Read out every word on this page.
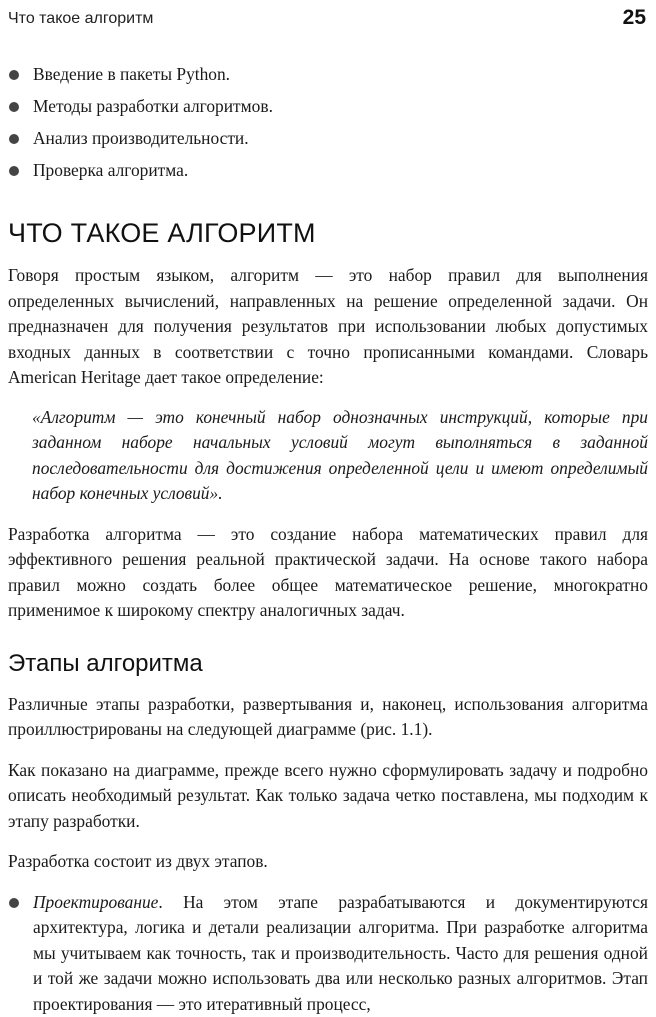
Что такое алгоритм	25
Введение в пакеты Python.
Методы разработки алгоритмов.
Анализ производительности.
Проверка алгоритма.
ЧТО ТАКОЕ АЛГОРИТМ

Говоря простым языком, алгоритм — это набор правил для выполнения определенных вычислений, направленных на решение определенной задачи. Он предназначен для получения результатов при использовании любых допустимых входных данных в соответствии с точно прописанными командами. Словарь American Heritage дает такое определение:

«Алгоритм — это конечный набор однозначных инструкций, которые при заданном наборе начальных условий могут выполняться в заданной последовательности для достижения определенной цели и имеют определимый набор конечных условий».

Разработка алгоритма — это создание набора математических правил для эффективного решения реальной практической задачи. На основе такого набора правил можно создать более общее математическое решение, многократно применимое к широкому спектру аналогичных задач.

Этапы алгоритма

Различные этапы разработки, развертывания и, наконец, использования алгоритма проиллюстрированы на следующей диаграмме (рис. 1.1).

Как показано на диаграмме, прежде всего нужно сформулировать задачу и подробно описать необходимый результат. Как только задача четко поставлена, мы подходим к этапу разработки.

Разработка состоит из двух этапов.

Проектирование. На этом этапе разрабатываются и документируются архитектура, логика и детали реализации алгоритма. При разработке алгоритма мы учитываем как точность, так и производительность. Часто для решения одной и той же задачи можно использовать два или несколько разных алгоритмов. Этап проектирования — это итеративный процесс,
